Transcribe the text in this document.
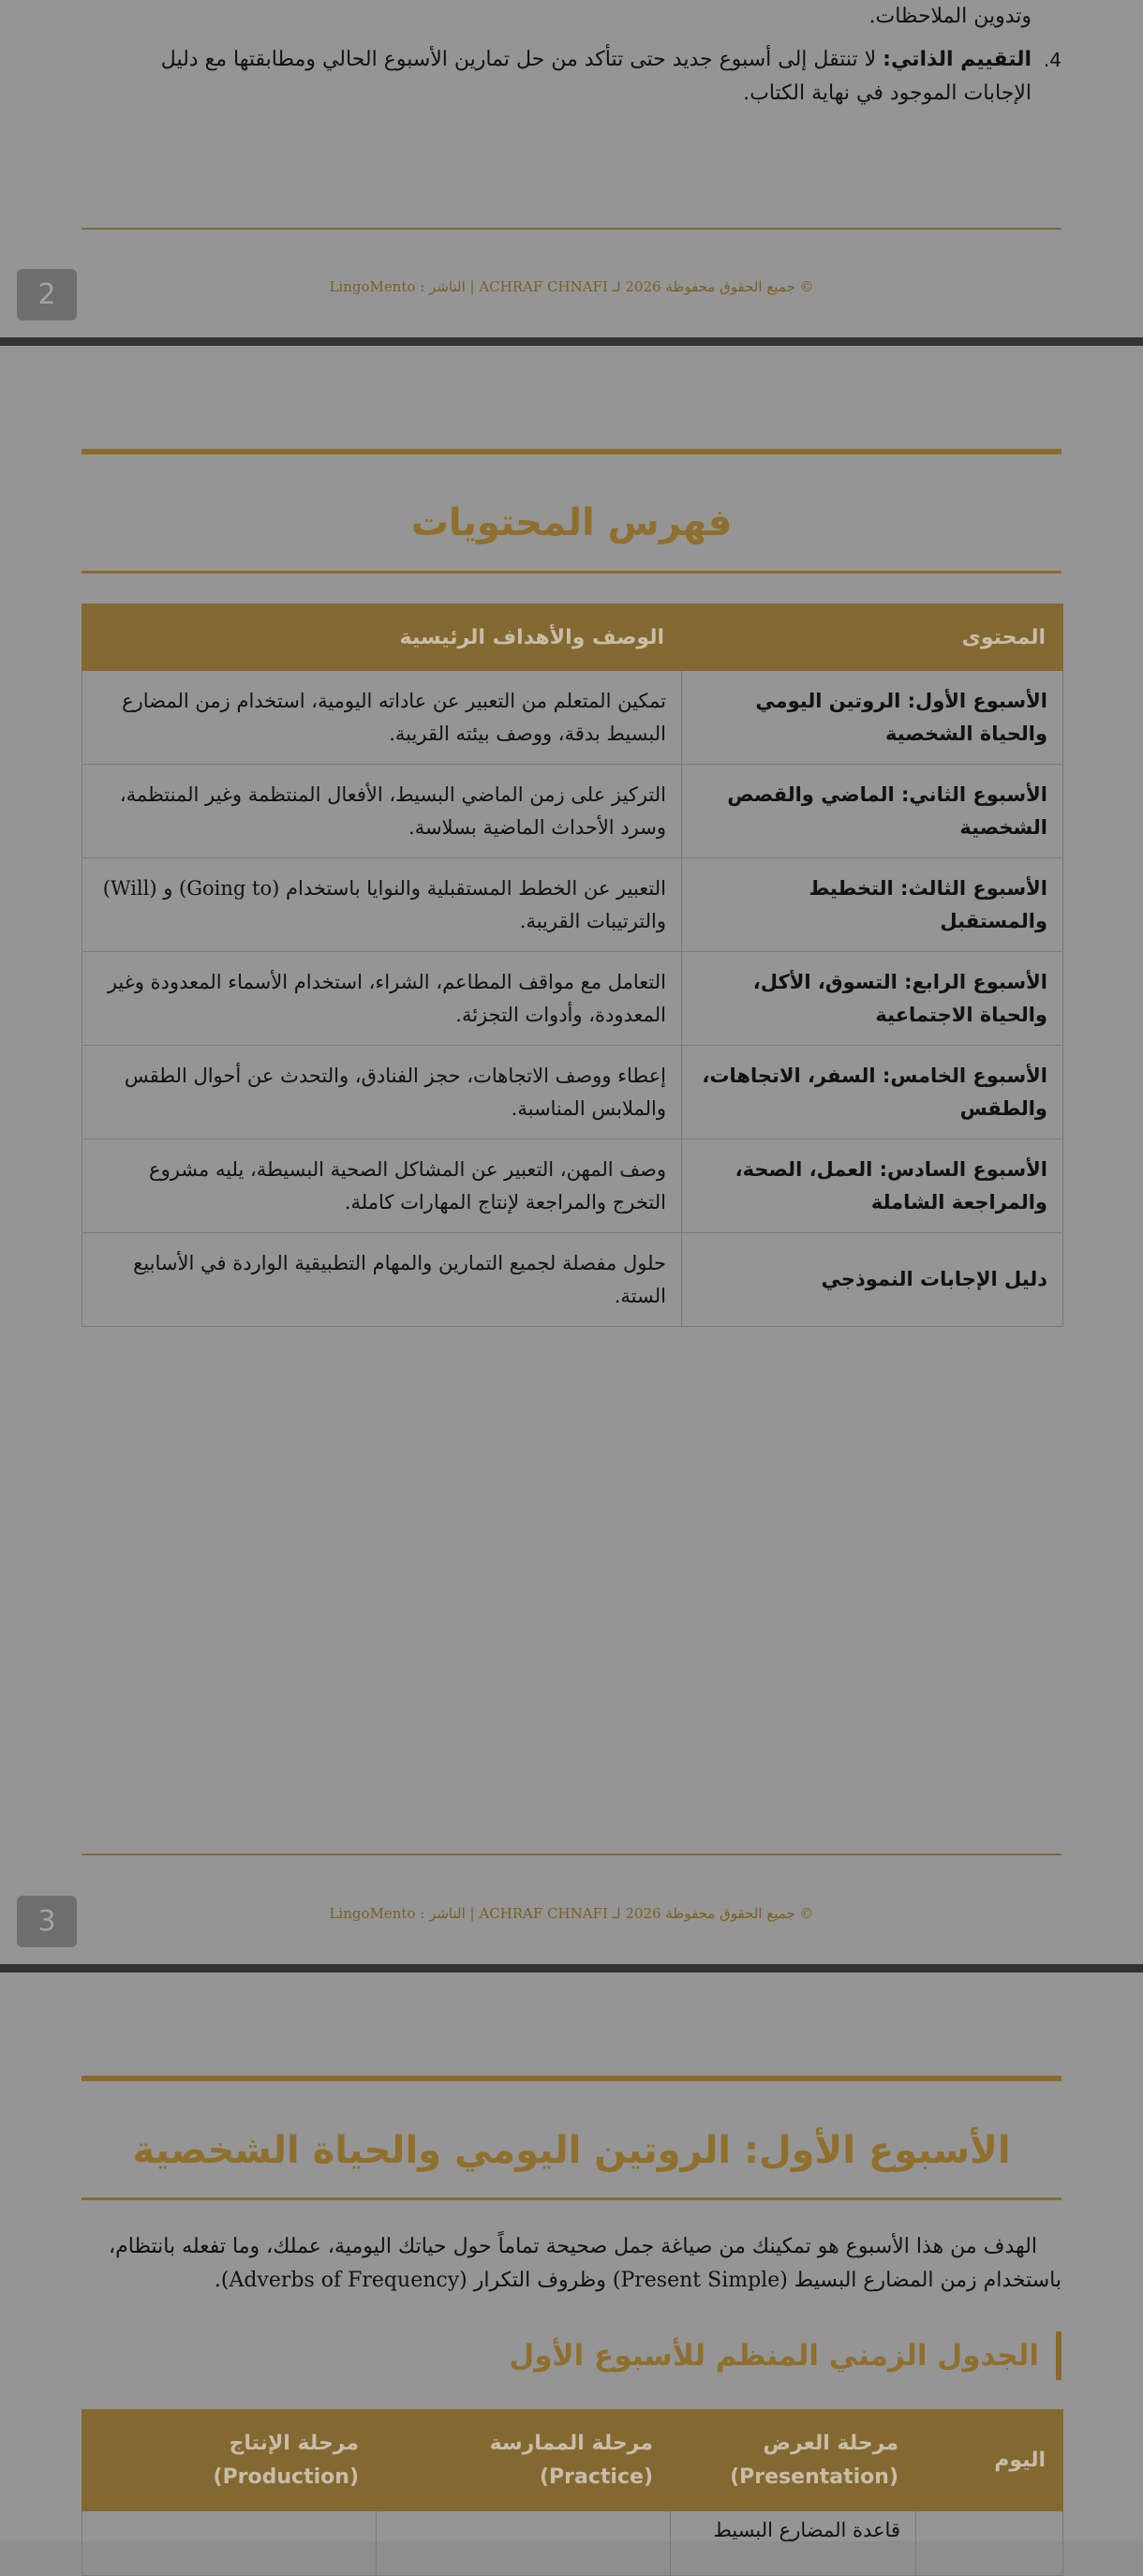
وتدوين الملاحظات.
4.
التقييم الذاتي: لا تنتقل إلى أسبوع جديد حتى تتأكد من حل تمارين الأسبوع الحالي ومطابقتها مع دليل
الإجابات الموجود في نهاية الكتاب.
© جميع الحقوق محفوظة 2026 لـ ACHRAF CHNAFI | الناشر : LingoMento
2
فهرس المحتويات
المحتوى	الوصف والأهداف الرئيسية
الأسبوع الأول: الروتين اليومي والحياة الشخصية	تمكين المتعلم من التعبير عن عاداته اليومية، استخدام زمن المضارع البسيط بدقة، ووصف بيئته القريبة.
الأسبوع الثاني: الماضي والقصص الشخصية	التركيز على زمن الماضي البسيط، الأفعال المنتظمة وغير المنتظمة، وسرد الأحداث الماضية بسلاسة.
الأسبوع الثالث: التخطيط والمستقبل	التعبير عن الخطط المستقبلية والنوايا باستخدام (Going to) و (Will) والترتيبات القريبة.
الأسبوع الرابع: التسوق، الأكل، والحياة الاجتماعية	التعامل مع مواقف المطاعم، الشراء، استخدام الأسماء المعدودة وغير المعدودة، وأدوات التجزئة.
الأسبوع الخامس: السفر، الاتجاهات، والطقس	إعطاء ووصف الاتجاهات، حجز الفنادق، والتحدث عن أحوال الطقس والملابس المناسبة.
الأسبوع السادس: العمل، الصحة، والمراجعة الشاملة	وصف المهن، التعبير عن المشاكل الصحية البسيطة، يليه مشروع التخرج والمراجعة لإنتاج المهارات كاملة.
دليل الإجابات النموذجي	حلول مفصلة لجميع التمارين والمهام التطبيقية الواردة في الأسابيع الستة.
© جميع الحقوق محفوظة 2026 لـ ACHRAF CHNAFI | الناشر : LingoMento
3
الأسبوع الأول: الروتين اليومي والحياة الشخصية
الهدف من هذا الأسبوع هو تمكينك من صياغة جمل صحيحة تماماً حول حياتك اليومية، عملك، وما تفعله بانتظام،
باستخدام زمن المضارع البسيط (Present Simple) وظروف التكرار (Adverbs of Frequency).
الجدول الزمني المنظم للأسبوع الأول
اليوم	مرحلة العرض (Presentation)	مرحلة الممارسة (Practice)	مرحلة الإنتاج (Production)
	قاعدة المضارع البسيط		
